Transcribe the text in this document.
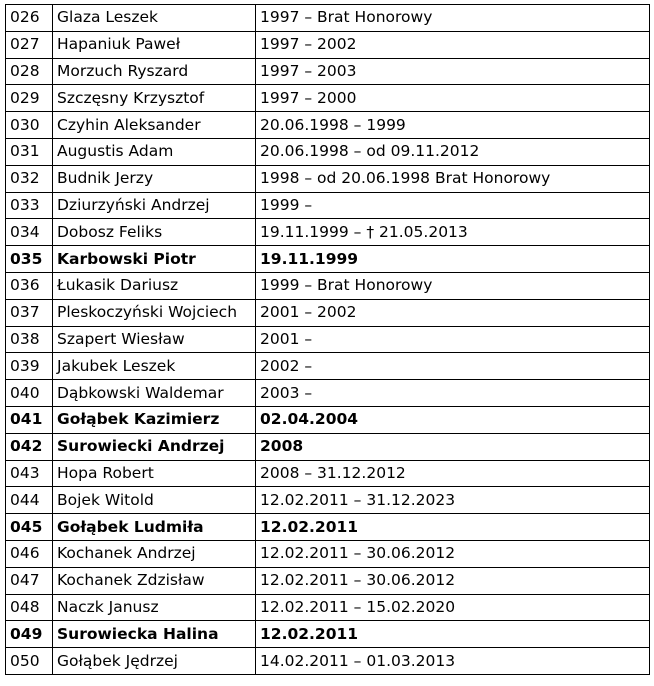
026	Glaza Leszek	1997 – Brat Honorowy
027	Hapaniuk Paweł	1997 – 2002
028	Morzuch Ryszard	1997 – 2003
029	Szczęsny Krzysztof	1997 – 2000
030	Czyhin Aleksander	20.06.1998 – 1999
031	Augustis Adam	20.06.1998 – od 09.11.2012
032	Budnik Jerzy	1998 – od 20.06.1998 Brat Honorowy
033	Dziurzyński Andrzej	1999 –
034	Dobosz Feliks	19.11.1999 – † 21.05.2013
035	Karbowski Piotr	19.11.1999
036	Łukasik Dariusz	1999 – Brat Honorowy
037	Pleskoczyński Wojciech	2001 – 2002
038	Szapert Wiesław	2001 –
039	Jakubek Leszek	2002 –
040	Dąbkowski Waldemar	2003 –
041	Gołąbek Kazimierz	02.04.2004
042	Surowiecki Andrzej	2008
043	Hopa Robert	2008 – 31.12.2012
044	Bojek Witold	12.02.2011 – 31.12.2023
045	Gołąbek Ludmiła	12.02.2011
046	Kochanek Andrzej	12.02.2011 – 30.06.2012
047	Kochanek Zdzisław	12.02.2011 – 30.06.2012
048	Naczk Janusz	12.02.2011 – 15.02.2020
049	Surowiecka Halina	12.02.2011
050	Gołąbek Jędrzej	14.02.2011 – 01.03.2013
